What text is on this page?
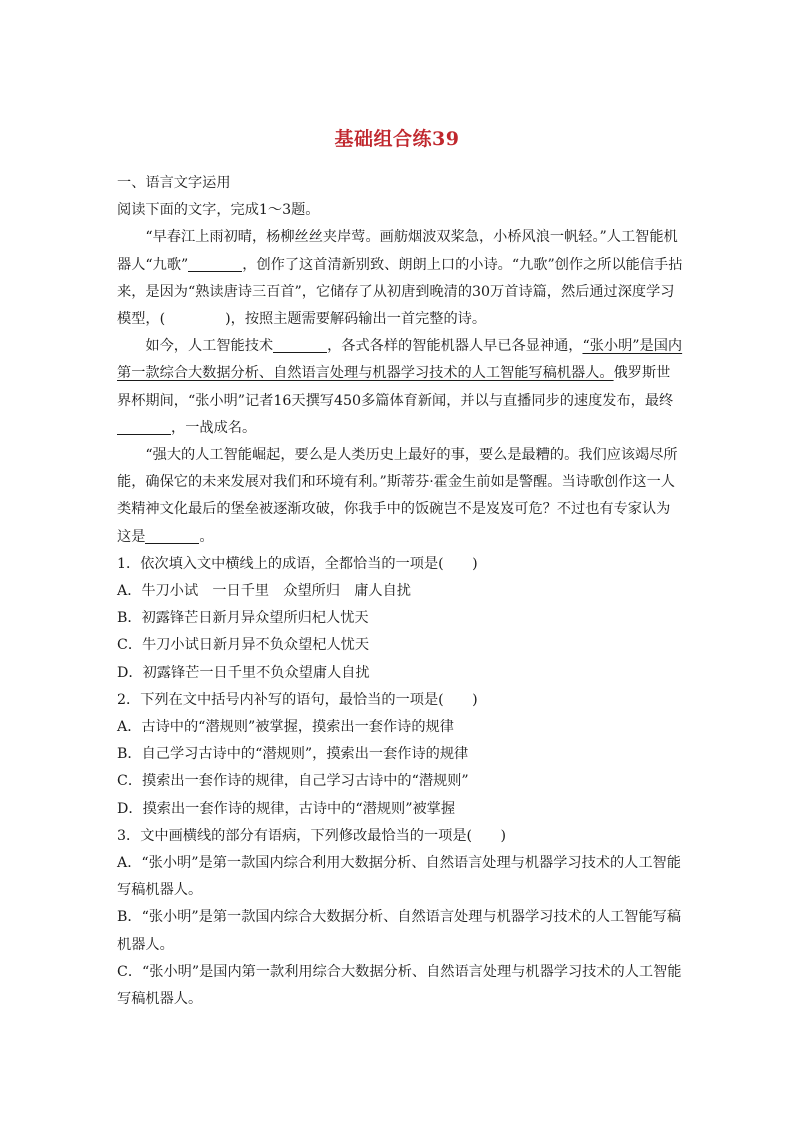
基础组合练39

一、语言文字运用

阅读下面的文字，完成1～3题。

“早春江上雨初晴，杨柳丝丝夹岸莺。画舫烟波双桨急，小桥风浪一帆轻。”人工智能机器人“九歌”	，创作了这首清新别致、朗朗上口的小诗。“九歌”创作之所以能信手拈来，是因为“熟读唐诗三百首”，它储存了从初唐到晚清的30万首诗篇，然后通过深度学习模型，(	)，按照主题需要解码输出一首完整的诗。

如今，人工智能技术	，各式各样的智能机器人早已各显神通，“张小明”是国内第一款综合大数据分析、自然语言处理与机器学习技术的人工智能写稿机器人。俄罗斯世界杯期间，“张小明”记者16天撰写450多篇体育新闻，并以与直播同步的速度发布，最终，一战成名。

“强大的人工智能崛起，要么是人类历史上最好的事，要么是最糟的。我们应该竭尽所能，确保它的未来发展对我们和环境有利。”斯蒂芬·霍金生前如是警醒。当诗歌创作这一人类精神文化最后的堡垒被逐渐攻破，你我手中的饭碗岂不是岌岌可危？不过也有专家认为这是	。

1．依次填入文中横线上的成语，全都恰当的一项是(　　)

A．牛刀小试　一日千里　众望所归　庸人自扰

B．初露锋芒日新月异众望所归杞人忧天

C．牛刀小试日新月异不负众望杞人忧天

D．初露锋芒一日千里不负众望庸人自扰

2．下列在文中括号内补写的语句，最恰当的一项是(　　)

A．古诗中的“潜规则”被掌握，摸索出一套作诗的规律

B．自己学习古诗中的“潜规则”，摸索出一套作诗的规律

C．摸索出一套作诗的规律，自己学习古诗中的“潜规则”

D．摸索出一套作诗的规律，古诗中的“潜规则”被掌握

3．文中画横线的部分有语病，下列修改最恰当的一项是(　　)

A．“张小明”是第一款国内综合利用大数据分析、自然语言处理与机器学习技术的人工智能写稿机器人。

B．“张小明”是第一款国内综合大数据分析、自然语言处理与机器学习技术的人工智能写稿机器人。

C．“张小明”是国内第一款利用综合大数据分析、自然语言处理与机器学习技术的人工智能写稿机器人。
